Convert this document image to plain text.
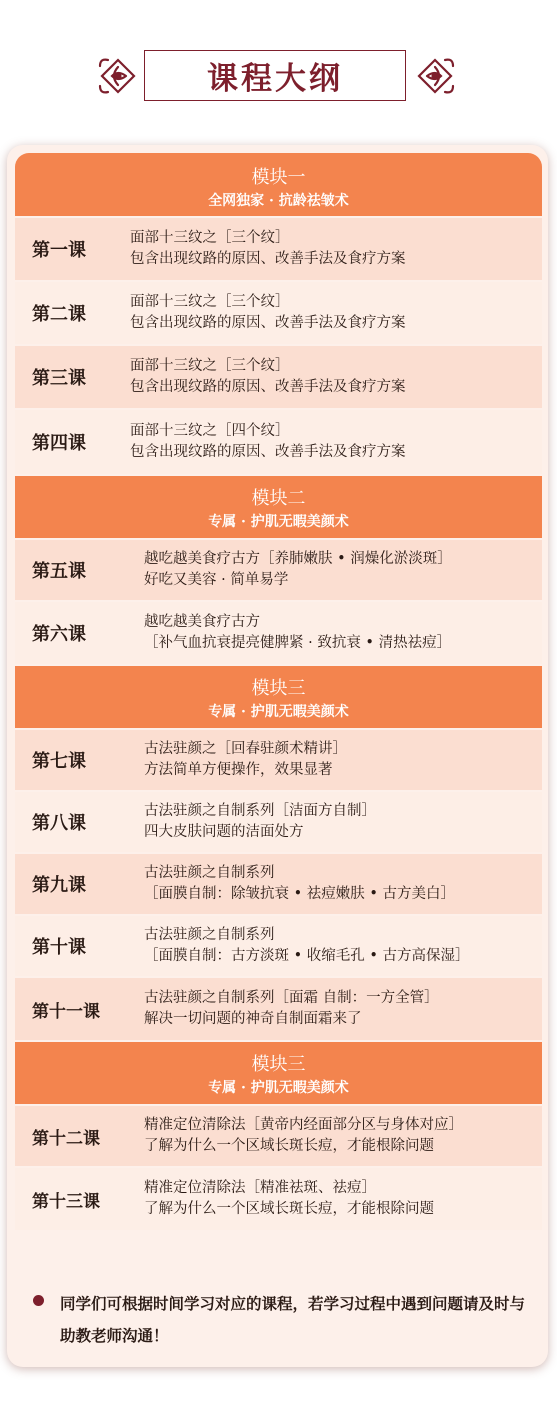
课程大纲
模块一
全网独家 · 抗龄祛皱术
第一课
面部十三纹之［三个纹］
包含出现纹路的原因、改善手法及食疗方案
第二课
面部十三纹之［三个纹］
包含出现纹路的原因、改善手法及食疗方案
第三课
面部十三纹之［三个纹］
包含出现纹路的原因、改善手法及食疗方案
第四课
面部十三纹之［四个纹］
包含出现纹路的原因、改善手法及食疗方案
模块二
专属 · 护肌无暇美颜术
第五课
越吃越美食疗古方［养肺嫩肤 • 润燥化淤淡斑］
好吃又美容 · 简单易学
第六课
越吃越美食疗古方
［补气血抗衰提亮健脾紧 · 致抗衰 • 清热祛痘］
模块三
专属 · 护肌无暇美颜术
第七课
古法驻颜之［回春驻颜术精讲］
方法简单方便操作，效果显著
第八课
古法驻颜之自制系列［洁面方自制］
四大皮肤问题的洁面处方
第九课
古法驻颜之自制系列
［面膜自制：除皱抗衰 • 祛痘嫩肤 • 古方美白］
第十课
古法驻颜之自制系列
［面膜自制：古方淡斑 • 收缩毛孔 • 古方高保湿］
第十一课
古法驻颜之自制系列［面霜 自制：一方全管］
解决一切问题的神奇自制面霜来了
模块三
专属 · 护肌无暇美颜术
第十二课
精准定位清除法［黄帝内经面部分区与身体对应］
了解为什么一个区域长斑长痘，才能根除问题
第十三课
精准定位清除法［精准祛斑、祛痘］
了解为什么一个区域长斑长痘，才能根除问题
同学们可根据时间学习对应的课程，若学习过程中遇到问题请及时与助教老师沟通！
